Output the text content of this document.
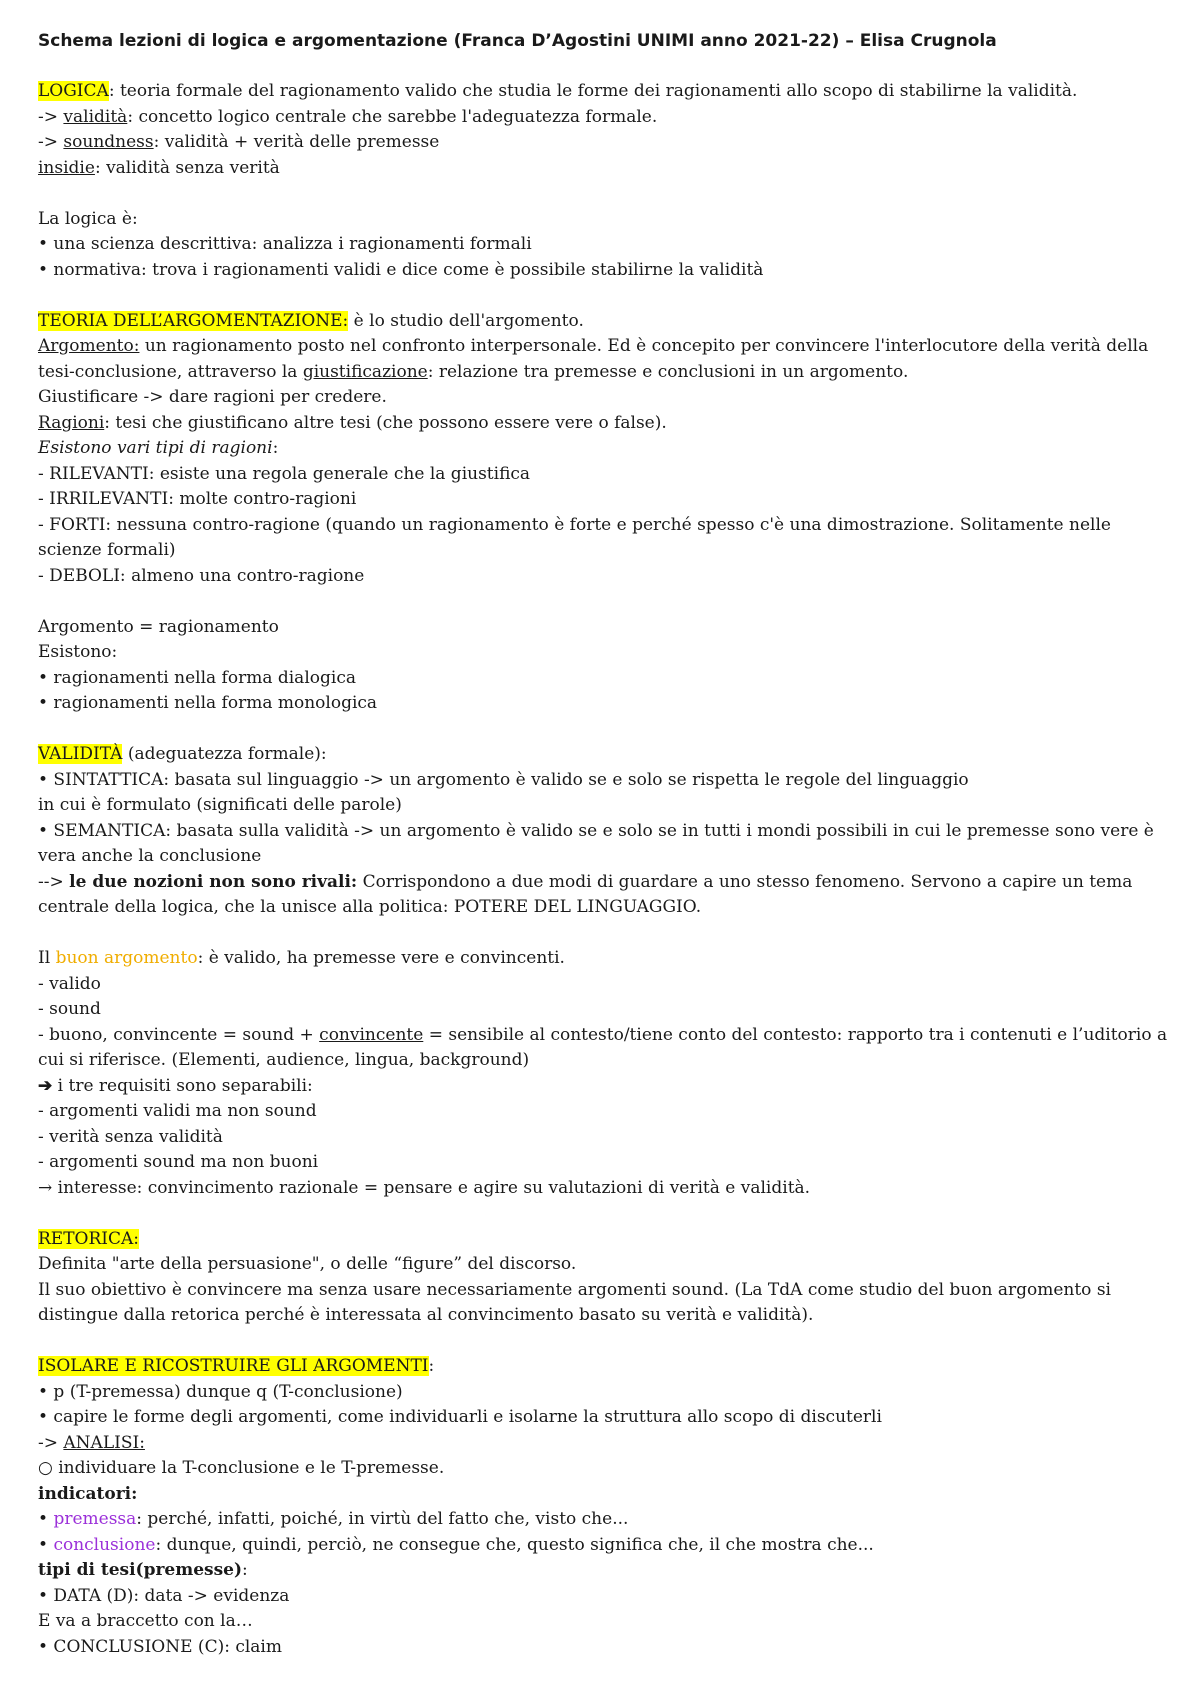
Schema lezioni di logica e argomentazione (Franca D’Agostini UNIMI anno 2021-22) – Elisa Crugnola

LOGICA: teoria formale del ragionamento valido che studia le forme dei ragionamenti allo scopo di stabilirne la validità.

-> validità: concetto logico centrale che sarebbe l'adeguatezza formale.

-> soundness: validità + verità delle premesse

insidie: validità senza verità

La logica è:

• una scienza descrittiva: analizza i ragionamenti formali

• normativa: trova i ragionamenti validi e dice come è possibile stabilirne la validità

TEORIA DELL’ARGOMENTAZIONE: è lo studio dell'argomento.

Argomento: un ragionamento posto nel confronto interpersonale. Ed è concepito per convincere l'interlocutore della verità della tesi-conclusione, attraverso la giustificazione: relazione tra premesse e conclusioni in un argomento.

Giustificare -> dare ragioni per credere.

Ragioni: tesi che giustificano altre tesi (che possono essere vere o false).

Esistono vari tipi di ragioni:

- RILEVANTI: esiste una regola generale che la giustifica

- IRRILEVANTI: molte contro-ragioni

- FORTI: nessuna contro-ragione (quando un ragionamento è forte e perché spesso c'è una dimostrazione. Solitamente nelle scienze formali)

- DEBOLI: almeno una contro-ragione

Argomento = ragionamento

Esistono:

• ragionamenti nella forma dialogica

• ragionamenti nella forma monologica

VALIDITÀ (adeguatezza formale):

• SINTATTICA: basata sul linguaggio -> un argomento è valido se e solo se rispetta le regole del linguaggio

in cui è formulato (significati delle parole)

• SEMANTICA: basata sulla validità -> un argomento è valido se e solo se in tutti i mondi possibili in cui le premesse sono vere è vera anche la conclusione

--> le due nozioni non sono rivali: Corrispondono a due modi di guardare a uno stesso fenomeno. Servono a capire un tema centrale della logica, che la unisce alla politica: POTERE DEL LINGUAGGIO.

Il buon argomento: è valido, ha premesse vere e convincenti.

- valido

- sound

- buono, convincente = sound + convincente = sensibile al contesto/tiene conto del contesto: rapporto tra i contenuti e l’uditorio a cui si riferisce. (Elementi, audience, lingua, background)

➔ i tre requisiti sono separabili:

- argomenti validi ma non sound

- verità senza validità

- argomenti sound ma non buoni

→ interesse: convincimento razionale = pensare e agire su valutazioni di verità e validità.

RETORICA:

Definita "arte della persuasione", o delle “figure” del discorso.

Il suo obiettivo è convincere ma senza usare necessariamente argomenti sound. (La TdA come studio del buon argomento si distingue dalla retorica perché è interessata al convincimento basato su verità e validità).

ISOLARE E RICOSTRUIRE GLI ARGOMENTI:

• p (T-premessa) dunque q (T-conclusione)

• capire le forme degli argomenti, come individuarli e isolarne la struttura allo scopo di discuterli

-> ANALISI:

○ individuare la T-conclusione e le T-premesse.

indicatori:

• premessa: perché, infatti, poiché, in virtù del fatto che, visto che...

• conclusione: dunque, quindi, perciò, ne consegue che, questo significa che, il che mostra che...

tipi di tesi(premesse):

• DATA (D): data -> evidenza

E va a braccetto con la…

• CONCLUSIONE (C): claim
